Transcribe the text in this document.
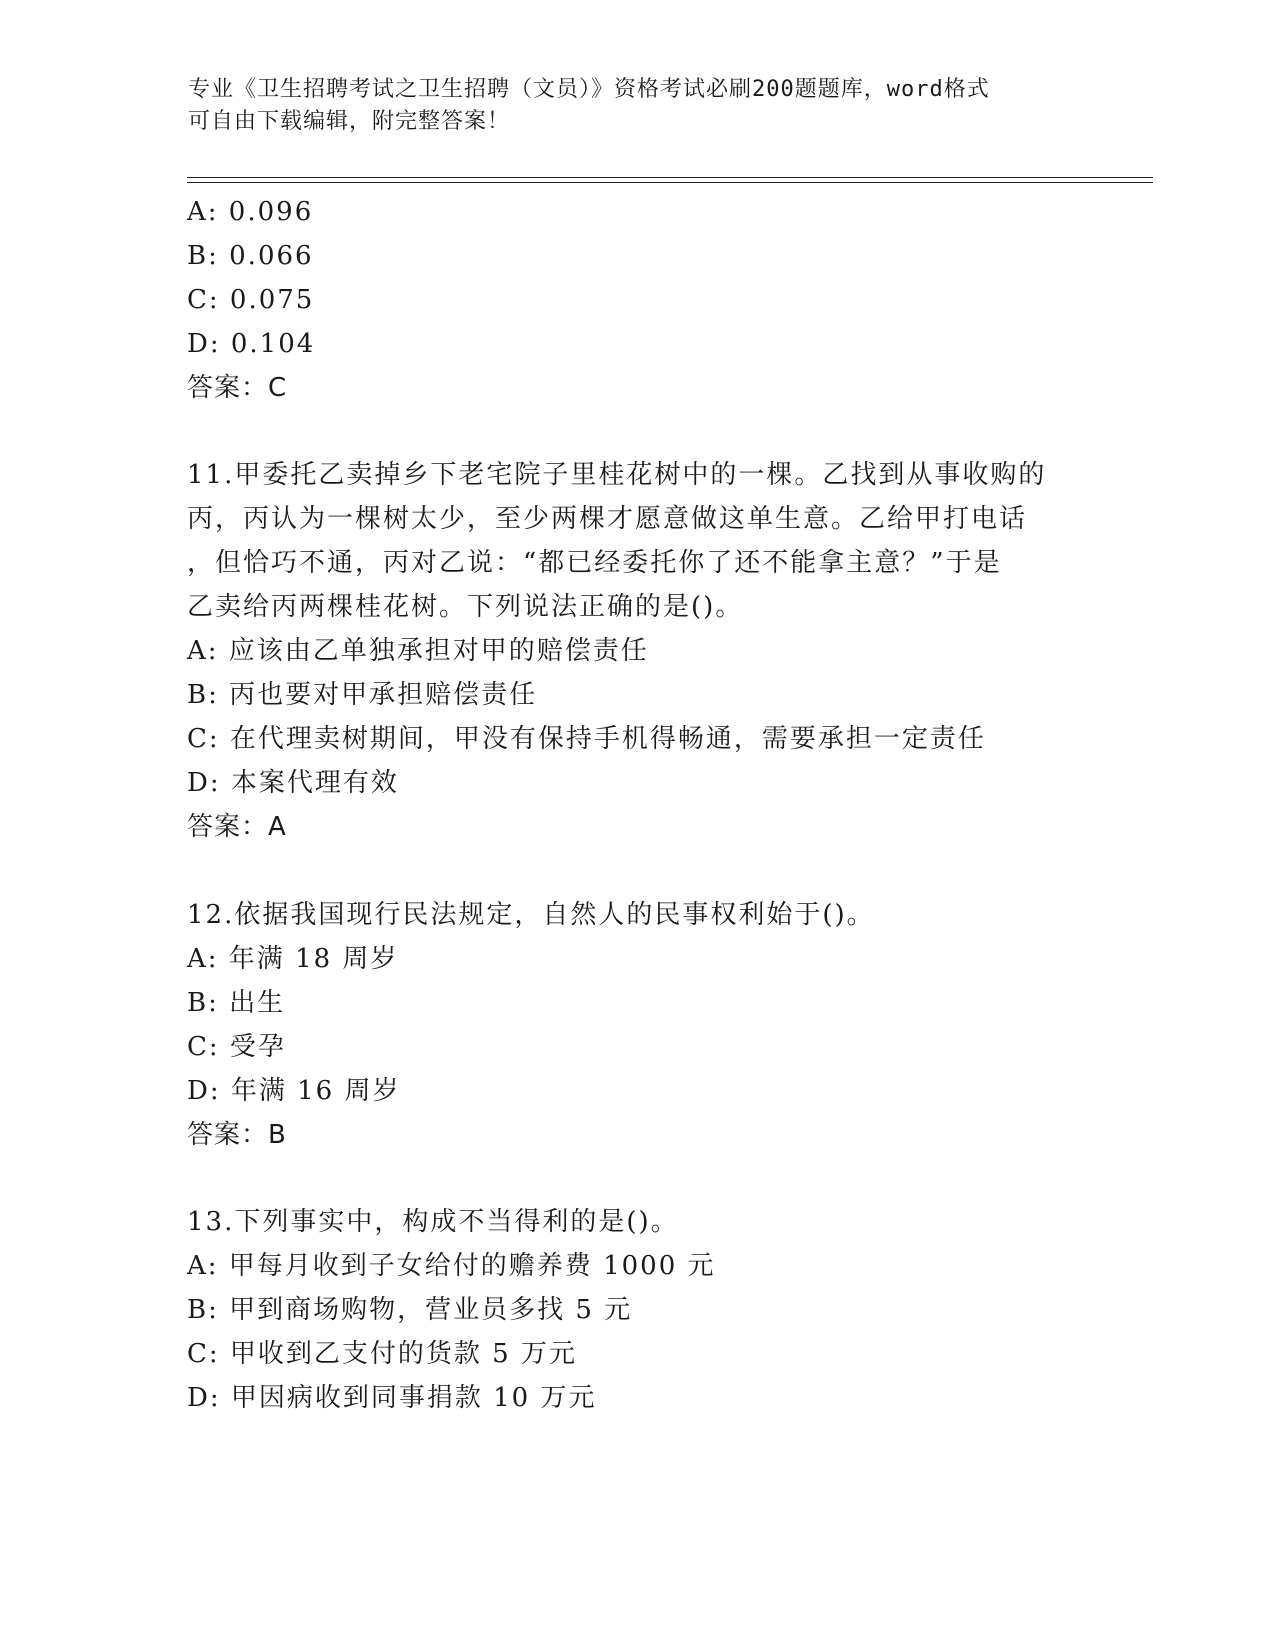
专业《卫生招聘考试之卫生招聘（文员）》资格考试必刷200题题库，word格式
可自由下载编辑，附完整答案！
A: 0.096
B: 0.066
C: 0.075
D: 0.104
答案：C
11.甲委托乙卖掉乡下老宅院子里桂花树中的一棵。乙找到从事收购的
丙，丙认为一棵树太少，至少两棵才愿意做这单生意。乙给甲打电话
，但恰巧不通，丙对乙说：“都已经委托你了还不能拿主意？”于是
乙卖给丙两棵桂花树。下列说法正确的是()。
A: 应该由乙单独承担对甲的赔偿责任
B: 丙也要对甲承担赔偿责任
C: 在代理卖树期间，甲没有保持手机得畅通，需要承担一定责任
D: 本案代理有效
答案：A
12.依据我国现行民法规定，自然人的民事权利始于()。
A: 年满 18 周岁
B: 出生
C: 受孕
D: 年满 16 周岁
答案：B
13.下列事实中，构成不当得利的是()。
A: 甲每月收到子女给付的赡养费 1000 元
B: 甲到商场购物，营业员多找 5 元
C: 甲收到乙支付的货款 5 万元
D: 甲因病收到同事捐款 10 万元
